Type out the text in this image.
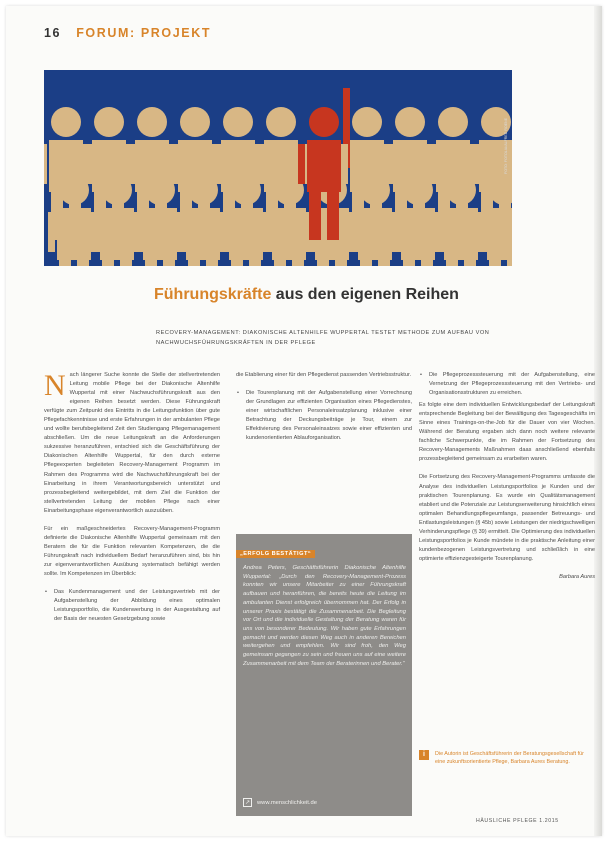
16 FORUM: PROJEKT
FOTO: FOTOLIA/ALFRED ROENE
Führungskräfte aus den eigenen Reihen
RECOVERY-MANAGEMENT: DIAKONISCHE ALTENHILFE WUPPERTAL TESTET METHODE ZUM AUFBAU VON NACHWUCHSFÜHRUNGSKRÄFTEN IN DER PFLEGE

Nach längerer Suche konnte die Stelle der stellvertretenden Leitung mobile Pflege bei der Diakonische Altenhilfe Wuppertal mit einer Nachwuchsführungskraft aus den eigenen Reihen besetzt werden. Diese Führungskraft verfügte zum Zeitpunkt des Eintritts in die Leitungsfunktion über gute Pflegefachkenntnisse und erste Erfahrungen in der ambulanten Pflege und wollte berufsbegleitend Zeit den Studiengang Pflegemanagement abschließen. Um die neue Leitungskraft an die Anforderungen sukzessive heranzuführen, entschied sich die Geschäftsführung der Diakonischen Altenhilfe Wuppertal, für den durch externe Pflegeexperten begleiteten Recovery-Management Programm im Rahmen des Programms wird die Nachwuchsführungskraft bei der Einarbeitung in ihrem Verantwortungsbereich unterstützt und prozessbegleitend weitergebildet, mit dem Ziel die Funktion der stellvertretenden Leitung der mobilen Pflege nach einer Einarbeitungsphase eigenverantwortlich auszuüben.

Für ein maßgeschneidertes Recovery-Management-Programm definierte die Diakonische Altenhilfe Wuppertal gemeinsam mit den Beratern die für die Funktion relevanten Kompetenzen, die die Führungskraft nach individuellem Bedarf heranzuführen sind, bis hin zur eigenverantwortlichen Ausübung systematisch befähigt werden sollte. Im Kompetenzen im Überblick:

• Das Kundenmanagement und der Leistungsvertrieb mit der Aufgabenstellung der Abbildung eines optimalen Leistungsportfolio, die Kundenwerbung in der Ausgestaltung auf der Basis der neuesten Gesetzgebung sowie

die Etablierung einer für den Pflegedienst passenden Vertriebsstruktur.

• Die Tourenplanung mit der Aufgabenstellung einer Vorrechnung der Grundlagen zur effizienten Organisation eines Pflegedienstes, einer wirtschaftlichen Personaleinsatzplanung inklusive einer Betrachtung der Deckungsbeiträge je Tour, einem zur Effektivierung des Personaleinsatzes sowie einer effizienten und kundenorientierten Ablauforganisation.
„ERFOLG BESTÄTIGT“
Andrea Peters, Geschäftsführerin Diakonische Altenhilfe Wuppertal: „Durch den Recovery-Management-Prozess konnten wir unsere Mitarbeiter zu einer Führungskraft aufbauen und heranführen, die bereits heute die Leitung im ambulanten Dienst erfolgreich übernommen hat. Der Erfolg in unserer Praxis bestätigt die Zusammenarbeit. Die Begleitung vor Ort und die individuelle Gestaltung der Beratung waren für uns von besonderer Bedeutung. Wir haben gute Erfahrungen gemacht und werden diesen Weg auch in anderen Bereichen weitergehen und empfehlen. Wir sind froh, den Weg gemeinsam gegangen zu sein und freuen uns auf eine weitere Zusammenarbeit mit dem Team der Beraterinnen und Berater.“
↗	www.menschlichkeit.de
• Die Pflegeprozesssteuerung mit der Aufgabenstellung, eine Vernetzung der Pflegeprozesssteuerung mit den Vertriebs- und Organisationsstrukturen zu erreichen.

Es folgte eine dem individuellen Entwicklungsbedarf der Leitungskraft entsprechende Begleitung bei der Bewältigung des Tagesgeschäfts im Sinne eines Trainings-on-the-Job für die Dauer von vier Wochen. Während der Beratung ergaben sich dann noch weitere relevante fachliche Schwerpunkte, die im Rahmen der Fortsetzung des Recovery-Managements Maßnahmen daas anschließend ebenfalls prozessbegleitend gemeinsam zu erarbeiten waren.

Die Fortsetzung des Recovery-Management-Programms umfasste die Analyse des individuellen Leistungsportfolios je Kunden und der praktischen Tourenplanung. Es wurde ein Qualitätsmanagement etabliert und die Potenziale zur Leistungserweiterung hinsichtlich eines optimalen Behandlungspflegeumfangs, passender Betreuungs- und Entlastungsleistungen (§ 45b) sowie Leistungen der niedrigschwelligen Verhinderungspflege (§ 39) ermittelt. Die Optimierung des individuellen Leistungsportfolios je Kunde mündete in die praktische Anleitung einer kundenbezogenen Leistungsvertretung und schließlich in eine optimierte effizienzgesteigerte Tourenplanung.

Barbara Aures
i	Die Autorin ist Geschäftsführerin der Beratungsgesellschaft für eine zukunftsorientierte Pflege, Barbara Aures Beratung.
HÄUSLICHE PFLEGE 1.2015
